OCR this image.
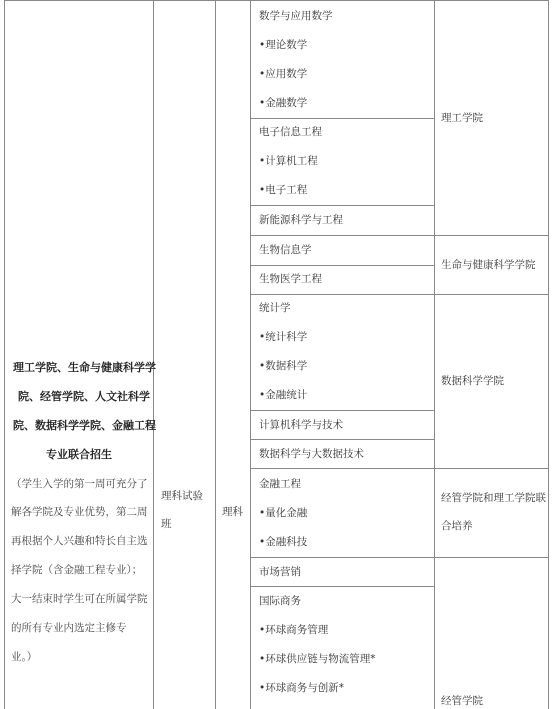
理工学院、生命与健康科学学
院、经管学院、人文社科学
院、数据科学学院、金融工程
专业联合招生
（学生入学的第一周可充分了
解各学院及专业优势，第二周
再根据个人兴趣和特长自主选
择学院（含金融工程专业）；
大一结束时学生可在所属学院
的所有专业内选定主修专
业。）
理科试验
班
理科
数学与应用数学
•理论数学
•应用数学
•金融数学
电子信息工程
•计算机工程
•电子工程
新能源科学与工程
生物信息学
生物医学工程
统计学
•统计科学
•数据科学
•金融统计
计算机科学与技术
数据科学与大数据技术
金融工程
•量化金融
•金融科技
市场营销
国际商务
•环球商务管理
•环球供应链与物流管理*
•环球商务与创新*
理工学院
生命与健康科学学院
数据科学学院
经管学院和理工学院联
合培养
经管学院
